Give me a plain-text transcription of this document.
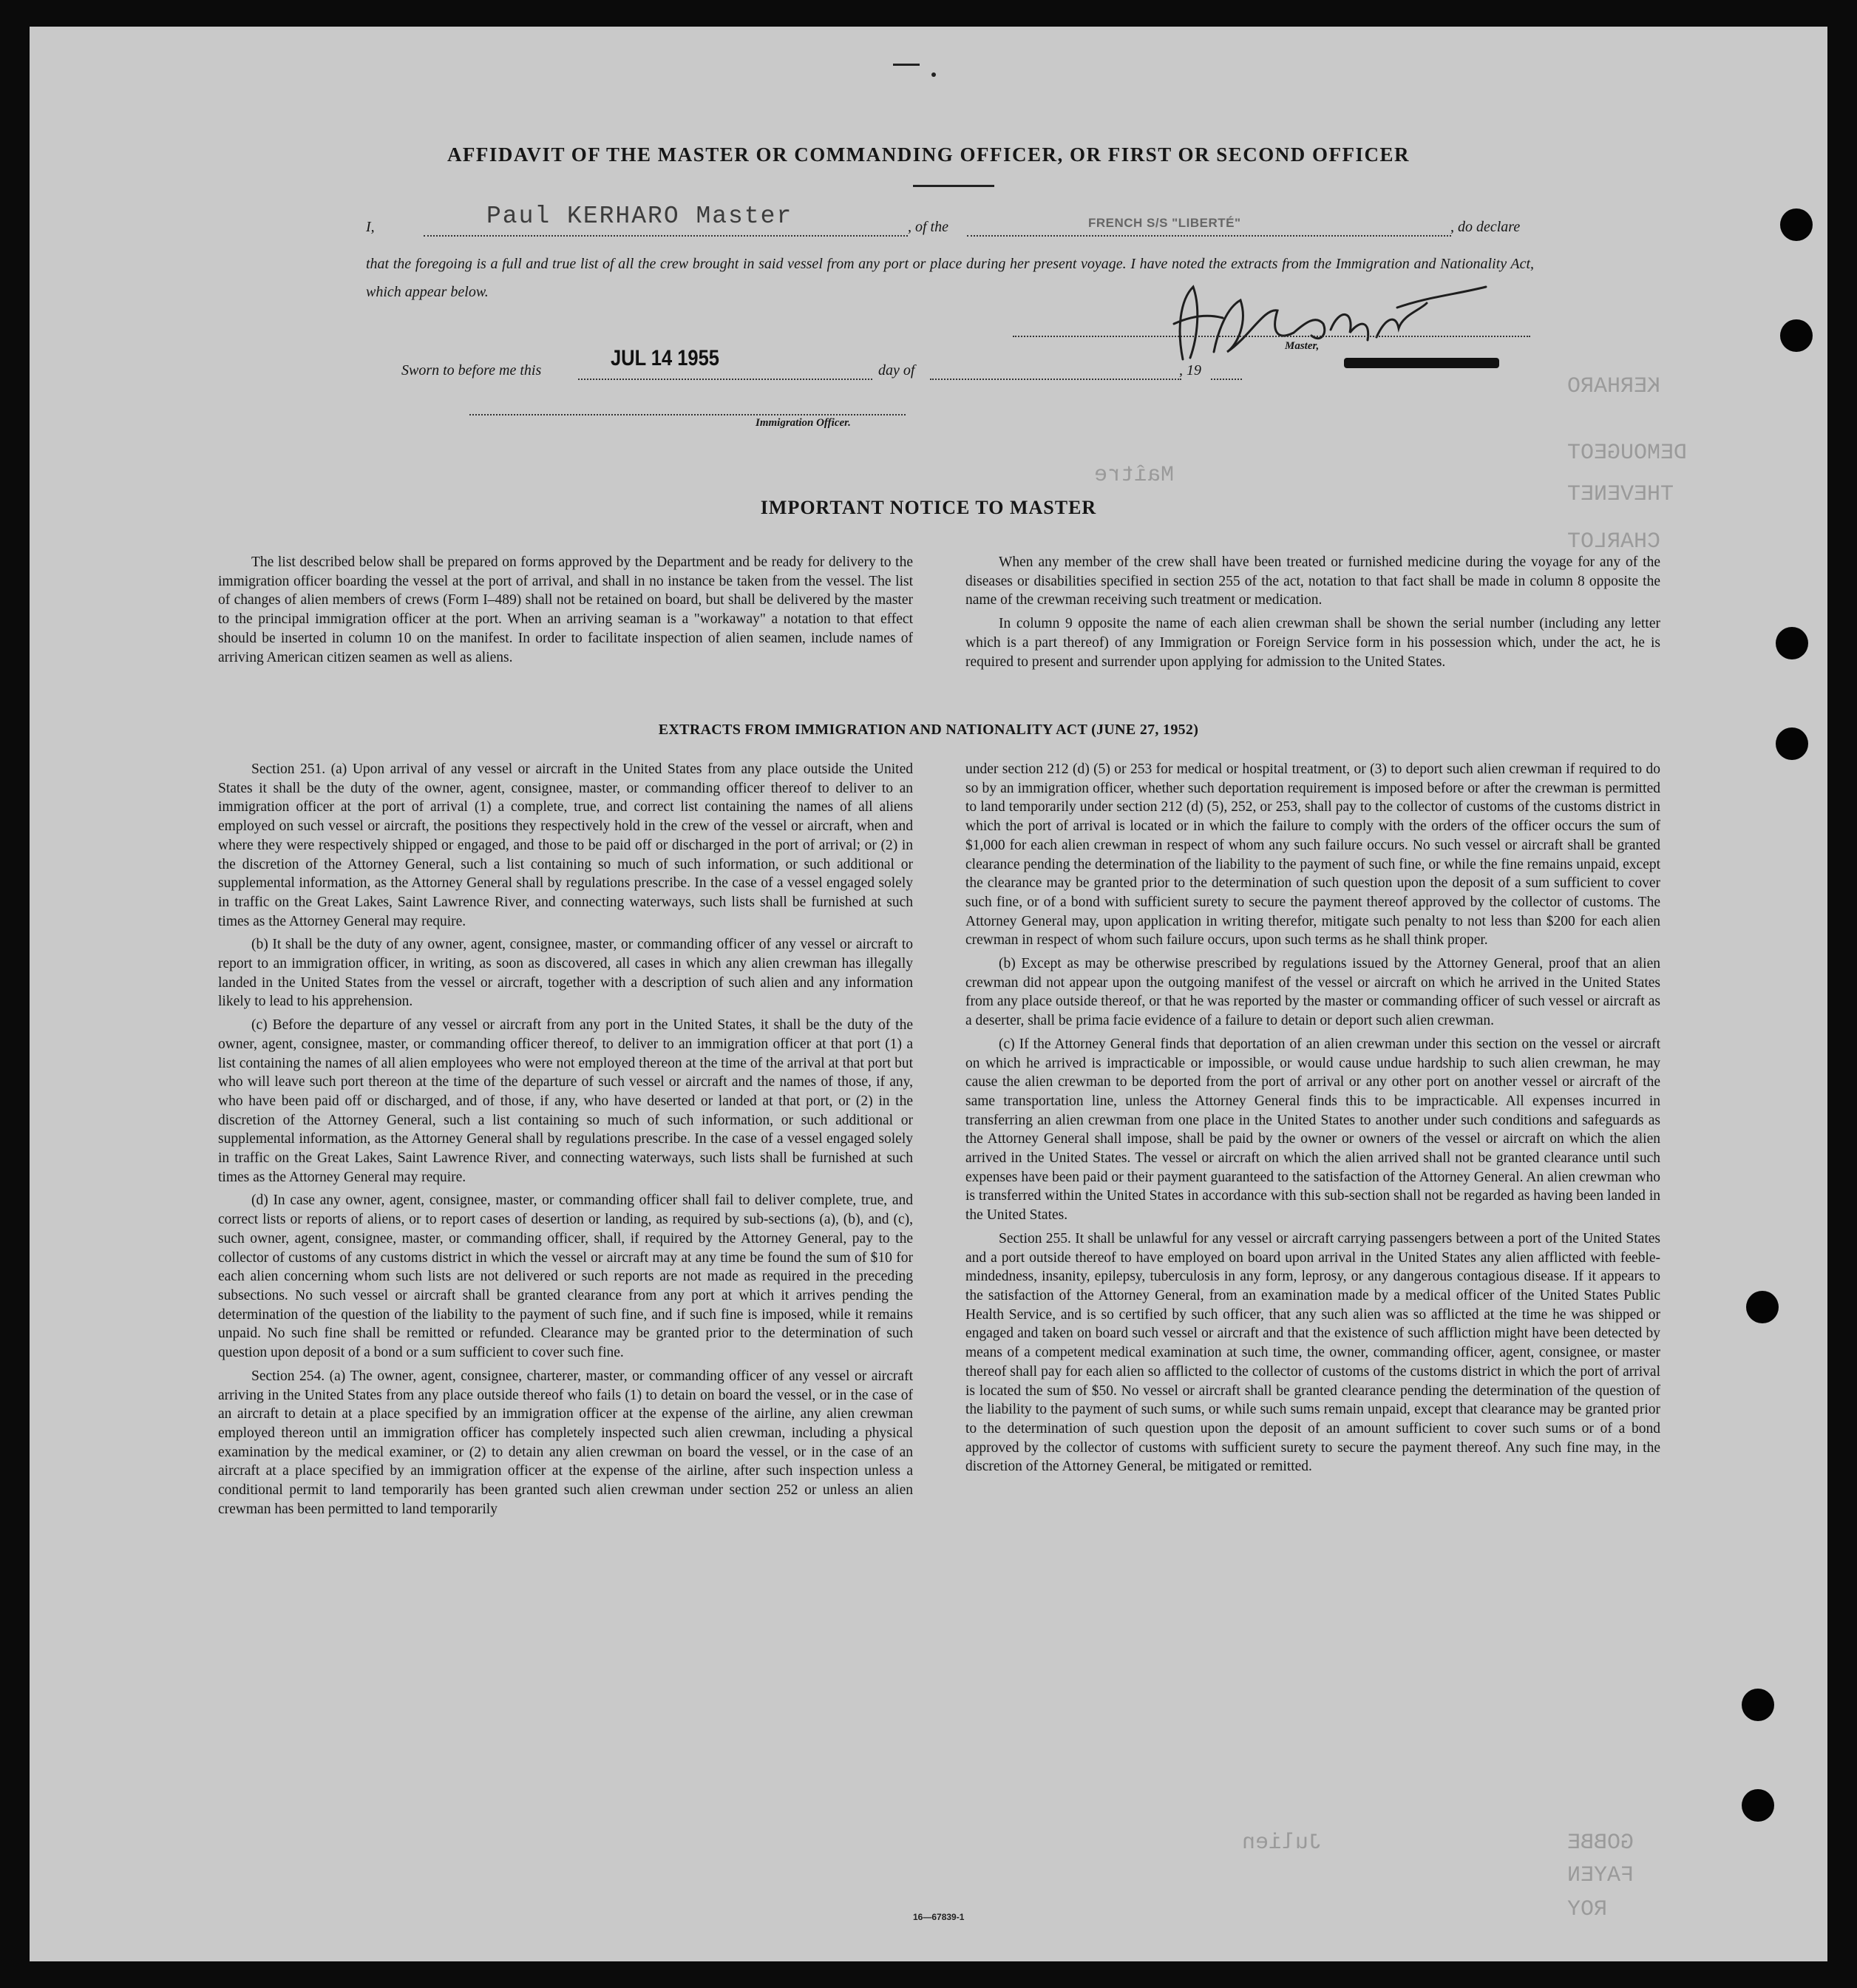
KERHARO
DEMOUGEOT
THEVENET
CHARLOT
GOBBE
FAYEN
ROY
Maître
Julien
AFFIDAVIT OF THE MASTER OR COMMANDING OFFICER, OR FIRST OR SECOND OFFICER
I,	Paul KERHARO Master	, of the	FRENCH S/S "LIBERTÉ"	, do declare
that the foregoing is a full and true list of all the crew brought in said vessel from any port or place during her present voyage. I have noted the extracts from the Immigration and Nationality Act, which appear below.
Master,
Sworn to before me this	JUL 14 1955	day of	, 19
Immigration Officer.
IMPORTANT NOTICE TO MASTER

The list described below shall be prepared on forms approved by the Department and be ready for delivery to the immigration officer boarding the vessel at the port of arrival, and shall in no instance be taken from the vessel. The list of changes of alien members of crews (Form I–489) shall not be retained on board, but shall be delivered by the master to the principal immigration officer at the port. When an arriving seaman is a "workaway" a notation to that effect should be inserted in column 10 on the manifest. In order to facilitate inspection of alien seamen, include names of arriving American citizen seamen as well as aliens.

When any member of the crew shall have been treated or furnished medicine during the voyage for any of the diseases or disabilities specified in section 255 of the act, notation to that fact shall be made in column 8 opposite the name of the crewman receiving such treatment or medication.

In column 9 opposite the name of each alien crewman shall be shown the serial number (including any letter which is a part thereof) of any Immigration or Foreign Service form in his possession which, under the act, he is required to present and surrender upon applying for admission to the United States.

EXTRACTS FROM IMMIGRATION AND NATIONALITY ACT (JUNE 27, 1952)

Section 251. (a) Upon arrival of any vessel or aircraft in the United States from any place outside the United States it shall be the duty of the owner, agent, consignee, master, or commanding officer thereof to deliver to an immigration officer at the port of arrival (1) a complete, true, and correct list containing the names of all aliens employed on such vessel or aircraft, the positions they respectively hold in the crew of the vessel or aircraft, when and where they were respectively shipped or engaged, and those to be paid off or discharged in the port of arrival; or (2) in the discretion of the Attorney General, such a list containing so much of such information, or such additional or supplemental information, as the Attorney General shall by regulations prescribe. In the case of a vessel engaged solely in traffic on the Great Lakes, Saint Lawrence River, and connecting waterways, such lists shall be furnished at such times as the Attorney General may require.

(b) It shall be the duty of any owner, agent, consignee, master, or commanding officer of any vessel or aircraft to report to an immigration officer, in writing, as soon as discovered, all cases in which any alien crewman has illegally landed in the United States from the vessel or aircraft, together with a description of such alien and any information likely to lead to his apprehension.

(c) Before the departure of any vessel or aircraft from any port in the United States, it shall be the duty of the owner, agent, consignee, master, or commanding officer thereof, to deliver to an immigration officer at that port (1) a list containing the names of all alien employees who were not employed thereon at the time of the arrival at that port but who will leave such port thereon at the time of the departure of such vessel or aircraft and the names of those, if any, who have been paid off or discharged, and of those, if any, who have deserted or landed at that port, or (2) in the discretion of the Attorney General, such a list containing so much of such information, or such additional or supplemental information, as the Attorney General shall by regulations prescribe. In the case of a vessel engaged solely in traffic on the Great Lakes, Saint Lawrence River, and connecting waterways, such lists shall be furnished at such times as the Attorney General may require.

(d) In case any owner, agent, consignee, master, or commanding officer shall fail to deliver complete, true, and correct lists or reports of aliens, or to report cases of desertion or landing, as required by sub-sections (a), (b), and (c), such owner, agent, consignee, master, or commanding officer, shall, if required by the Attorney General, pay to the collector of customs of any customs district in which the vessel or aircraft may at any time be found the sum of $10 for each alien concerning whom such lists are not delivered or such reports are not made as required in the preceding subsections. No such vessel or aircraft shall be granted clearance from any port at which it arrives pending the determination of the question of the liability to the payment of such fine, and if such fine is imposed, while it remains unpaid. No such fine shall be remitted or refunded. Clearance may be granted prior to the determination of such question upon deposit of a bond or a sum sufficient to cover such fine.

Section 254. (a) The owner, agent, consignee, charterer, master, or commanding officer of any vessel or aircraft arriving in the United States from any place outside thereof who fails (1) to detain on board the vessel, or in the case of an aircraft to detain at a place specified by an immigration officer at the expense of the airline, any alien crewman employed thereon until an immigration officer has completely inspected such alien crewman, including a physical examination by the medical examiner, or (2) to detain any alien crewman on board the vessel, or in the case of an aircraft at a place specified by an immigration officer at the expense of the airline, after such inspection unless a conditional permit to land temporarily has been granted such alien crewman under section 252 or unless an alien crewman has been permitted to land temporarily

under section 212 (d) (5) or 253 for medical or hospital treatment, or (3) to deport such alien crewman if required to do so by an immigration officer, whether such deportation requirement is imposed before or after the crewman is permitted to land temporarily under section 212 (d) (5), 252, or 253, shall pay to the collector of customs of the customs district in which the port of arrival is located or in which the failure to comply with the orders of the officer occurs the sum of $1,000 for each alien crewman in respect of whom any such failure occurs. No such vessel or aircraft shall be granted clearance pending the determination of the liability to the payment of such fine, or while the fine remains unpaid, except the clearance may be granted prior to the determination of such question upon the deposit of a sum sufficient to cover such fine, or of a bond with sufficient surety to secure the payment thereof approved by the collector of customs. The Attorney General may, upon application in writing therefor, mitigate such penalty to not less than $200 for each alien crewman in respect of whom such failure occurs, upon such terms as he shall think proper.

(b) Except as may be otherwise prescribed by regulations issued by the Attorney General, proof that an alien crewman did not appear upon the outgoing manifest of the vessel or aircraft on which he arrived in the United States from any place outside thereof, or that he was reported by the master or commanding officer of such vessel or aircraft as a deserter, shall be prima facie evidence of a failure to detain or deport such alien crewman.

(c) If the Attorney General finds that deportation of an alien crewman under this section on the vessel or aircraft on which he arrived is impracticable or impossible, or would cause undue hardship to such alien crewman, he may cause the alien crewman to be deported from the port of arrival or any other port on another vessel or aircraft of the same transportation line, unless the Attorney General finds this to be impracticable. All expenses incurred in transferring an alien crewman from one place in the United States to another under such conditions and safeguards as the Attorney General shall impose, shall be paid by the owner or owners of the vessel or aircraft on which the alien arrived in the United States. The vessel or aircraft on which the alien arrived shall not be granted clearance until such expenses have been paid or their payment guaranteed to the satisfaction of the Attorney General. An alien crewman who is transferred within the United States in accordance with this sub-section shall not be regarded as having been landed in the United States.

Section 255. It shall be unlawful for any vessel or aircraft carrying passengers between a port of the United States and a port outside thereof to have employed on board upon arrival in the United States any alien afflicted with feeble-mindedness, insanity, epilepsy, tuberculosis in any form, leprosy, or any dangerous contagious disease. If it appears to the satisfaction of the Attorney General, from an examination made by a medical officer of the United States Public Health Service, and is so certified by such officer, that any such alien was so afflicted at the time he was shipped or engaged and taken on board such vessel or aircraft and that the existence of such affliction might have been detected by means of a competent medical examination at such time, the owner, commanding officer, agent, consignee, or master thereof shall pay for each alien so afflicted to the collector of customs of the customs district in which the port of arrival is located the sum of $50. No vessel or aircraft shall be granted clearance pending the determination of the question of the liability to the payment of such sums, or while such sums remain unpaid, except that clearance may be granted prior to the determination of such question upon the deposit of an amount sufficient to cover such sums or of a bond approved by the collector of customs with sufficient surety to secure the payment thereof. Any such fine may, in the discretion of the Attorney General, be mitigated or remitted.

16—67839-1
